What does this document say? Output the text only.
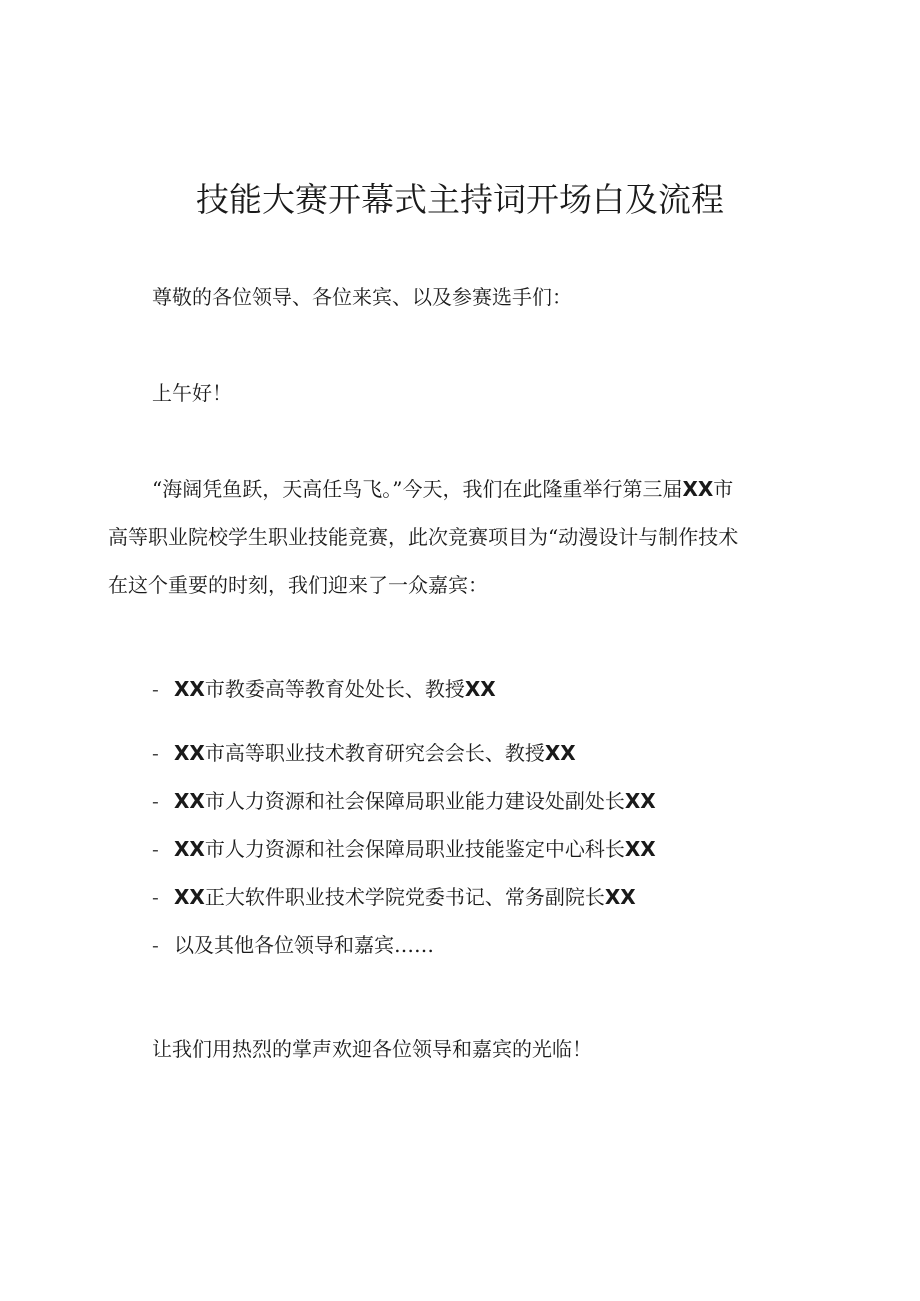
技能大赛开幕式主持词开场白及流程

尊敬的各位领导、各位来宾、以及参赛选手们：

上午好！

“海阔凭鱼跃，天高任鸟飞。”今天，我们在此隆重举行第三届XX市

高等职业院校学生职业技能竞赛，此次竞赛项目为“动漫设计与制作技术

在这个重要的时刻，我们迎来了一众嘉宾：

- XX市教委高等教育处处长、教授XX
- XX市高等职业技术教育研究会会长、教授XX
- XX市人力资源和社会保障局职业能力建设处副处长XX
- XX市人力资源和社会保障局职业技能鉴定中心科长XX
- XX正大软件职业技术学院党委书记、常务副院长XX
- 以及其他各位领导和嘉宾……

让我们用热烈的掌声欢迎各位领导和嘉宾的光临！
